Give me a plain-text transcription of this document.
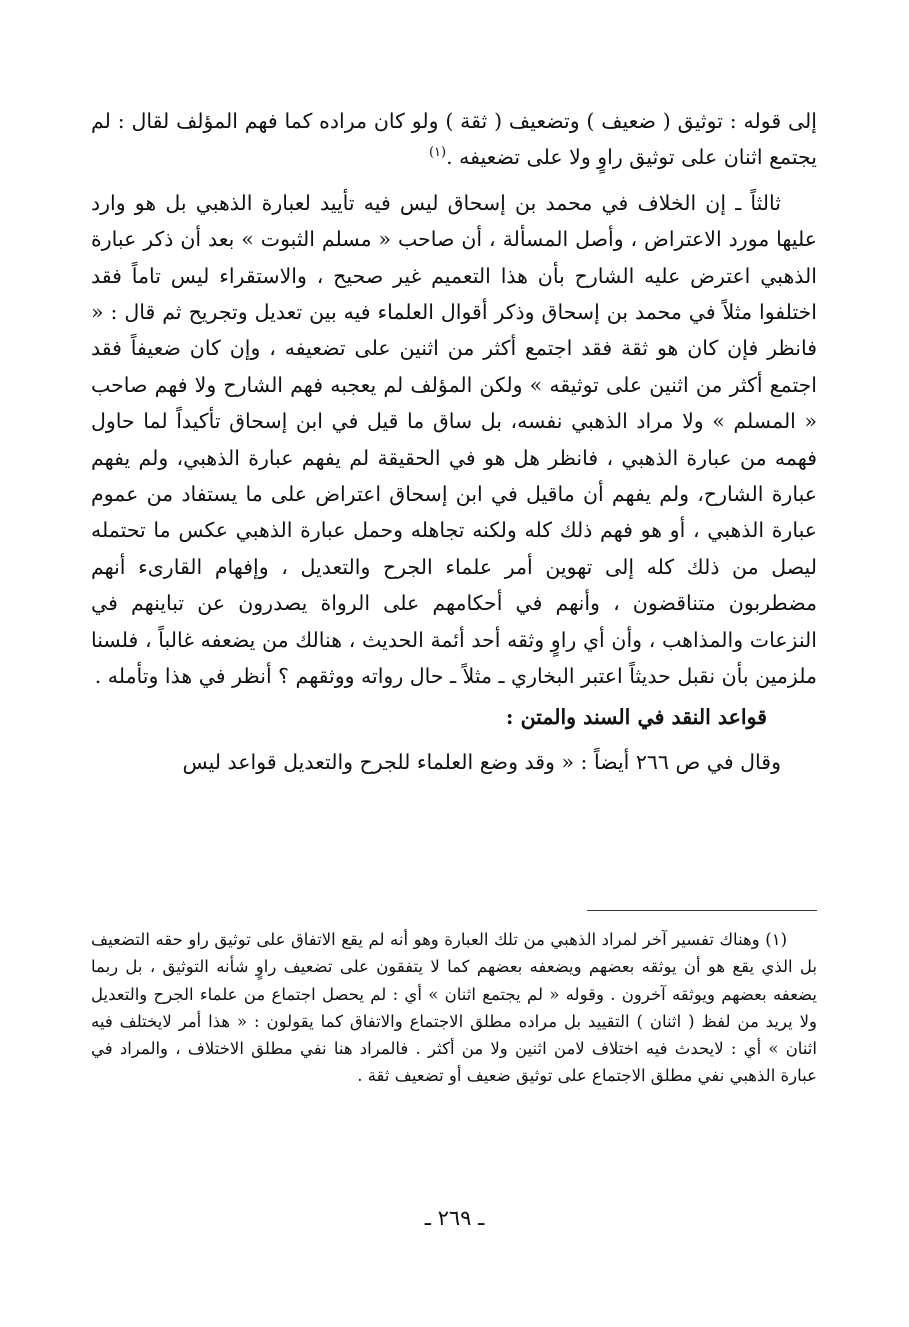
إلى قوله : توثيق ( ضعيف ) وتضعيف ( ثقة ) ولو كان مراده كما فهم المؤلف لقال : لم يجتمع اثنان على توثيق راوٍ ولا على تضعيفه .$^{(١)}$

ثالثاً ـ إن الخلاف في محمد بن إسحاق ليس فيه تأييد لعبارة الذهبي بل هو وارد عليها مورد الاعتراض ، وأصل المسألة ، أن صاحب « مسلم الثبوت » بعد أن ذكر عبارة الذهبي اعترض عليه الشارح بأن هذا التعميم غير صحيح ، والاستقراء ليس تاماً فقد اختلفوا مثلاً في محمد بن إسحاق وذكر أقوال العلماء فيه بين تعديل وتجريح ثم قال : « فانظر فإن كان هو ثقة فقد اجتمع أكثر من اثنين على تضعيفه ، وإن كان ضعيفاً فقد اجتمع أكثر من اثنين على توثيقه » ولكن المؤلف لم يعجبه فهم الشارح ولا فهم صاحب « المسلم » ولا مراد الذهبي نفسه، بل ساق ما قيل في ابن إسحاق تأكيداً لما حاول فهمه من عبارة الذهبي ، فانظر هل هو في الحقيقة لم يفهم عبارة الذهبي، ولم يفهم عبارة الشارح، ولم يفهم أن ماقيل في ابن إسحاق اعتراض على ما يستفاد من عموم عبارة الذهبي ، أو هو فهم ذلك كله ولكنه تجاهله وحمل عبارة الذهبي عكس ما تحتمله ليصل من ذلك كله إلى تهوين أمر علماء الجرح والتعديل ، وإفهام القارىء أنهم مضطربون متناقضون ، وأنهم في أحكامهم على الرواة يصدرون عن تباينهم في النزعات والمذاهب ، وأن أي راوٍ وثقه أحد أئمة الحديث ، هنالك من يضعفه غالباً ، فلسنا ملزمين بأن نقبل حديثاً اعتبر البخاري ـ مثلاً ـ حال رواته ووثقهم ؟ أنظر في هذا وتأمله .

قواعد النقد في السند والمتن :

وقال في ص ٢٦٦ أيضاً : « وقد وضع العلماء للجرح والتعديل قواعد ليس

(١) وهناك تفسير آخر لمراد الذهبي من تلك العبارة وهو أنه لم يقع الاتفاق على توثيق راو حقه التضعيف بل الذي يقع هو أن يوثقه بعضهم ويضعفه بعضهم كما لا يتفقون على تضعيف راوٍ شأنه التوثيق ، بل ربما يضعفه بعضهم ويوثقه آخرون . وقوله « لم يجتمع اثنان » أي : لم يحصل اجتماع من علماء الجرح والتعديل ولا يريد من لفظ ( اثنان ) التقييد بل مراده مطلق الاجتماع والاتفاق كما يقولون : « هذا أمر لايختلف فيه اثنان » أي : لايحدث فيه اختلاف لامن اثنين ولا من أكثر . فالمراد هنا نفي مطلق الاختلاف ، والمراد في عبارة الذهبي نفي مطلق الاجتماع على توثيق ضعيف أو تضعيف ثقة .

ـ ٢٦٩ ـ
